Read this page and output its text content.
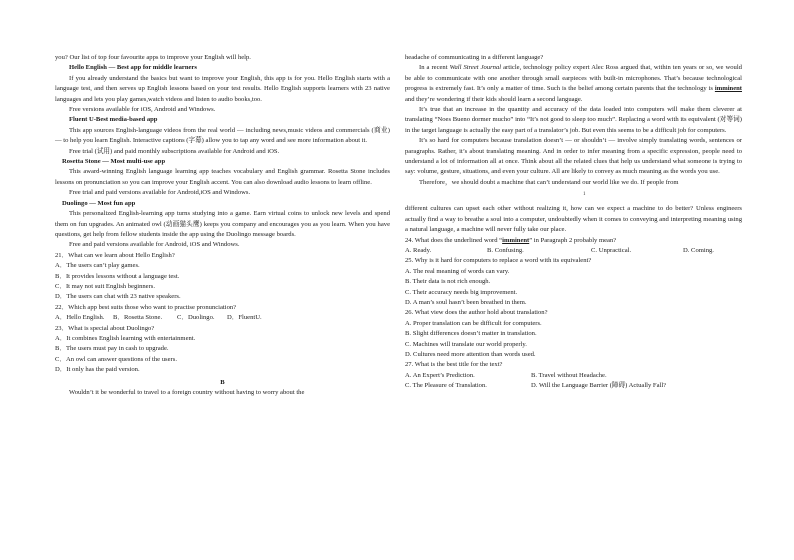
you? Our list of top four favourite apps to improve your English will help.

Hello English — Best app for middle learners

If you already understand the basics but want to improve your English, this app is for you. Hello English starts with a language test, and then serves up English lessons based on your test results. Hello English supports learners with 23 native languages and lets you play games,watch videos and listen to audio books,too.

Free versions available for iOS, Android and Windows.

Fluent U-Best media-based app

This app sources English-language videos from the real world — including news,music videos and commercials (商业) — to help you learn English. Interactive captions (字幕) allow you to tap any word and see more information about it.

Free trial (试用) and paid monthly subscriptions available for Android and iOS.

Rosetta Stone — Most multi-use app

This award-winning English language learning app teaches vocabulary and English grammar. Rosetta Stone includes lessons on pronunciation so you can improve your English accent. You can also download audio lessons to learn offline.

Free trial and paid versions available for Android,iOS and Windows.

Duolingo — Most fun app

This personalized English-learning app turns studying into a game. Earn virtual coins to unlock new levels and spend them on fun upgrades. An animated owl (动画猫头鹰) keeps you company and encourages you as you learn. When you have questions, get help from fellow students inside the app using the Duolingo message boards.

Free and paid versions available for Android, iOS and Windows.

21．What can we learn about Hello English?

A．The users can’t play games.

B．It provides lessons without a language test.

C．It may not suit English beginners.

D．The users can chat with 23 native speakers.

22．Which app best suits those who want to practise pronunciation?

A．Hello English.	B．Rosetta Stone.	C．Duolingo.	D．FluentU.

23．What is special about Duolingo?

A．It combines English learning with entertainment.

B．The users must pay in cash to upgrade.

C．An owl can answer questions of the users.

D．It only has the paid version.

B

Wouldn’t it be wonderful to travel to a foreign country without having to worry about the

headache of communicating in a different language?

In a recent Wall Street Journal article, technology policy expert Alec Ross argued that, within ten years or so, we would be able to communicate with one another through small earpieces with built-in microphones. That’s because technological progress is extremely fast. It’s only a matter of time. Such is the belief among certain parents that the technology is imminent and they’re wondering if their kids should learn a second language.

It’s true that an increase in the quantity and accuracy of the data loaded into computers will make them cleverer at translating “Noes Bueno dormer mucho” into “It’s not good to sleep too much”. Replacing a word with its equivalent (对等词) in the target language is actually the easy part of a translator’s job. But even this seems to be a difficult job for computers.

It’s so hard for computers because translation doesn’t — or shouldn’t — involve simply translating words, sentences or paragraphs. Rather, it’s about translating meaning. And in order to infer meaning from a specific expression, people need to understand a lot of information all at once. Think about all the related clues that help us understand what someone is trying to say: volume, gesture, situations, and even your culture. All are likely to convey as much meaning as the words you use.

Therefore，we should doubt a machine that can’t understand our world like we do. If people from

1

different cultures can upset each other without realizing it, how can we expect a machine to do better? Unless engineers actually find a way to breathe a soul into a computer, undoubtedly when it comes to conveying and interpreting meaning using a natural language, a machine will never fully take our place.

24. What does the underlined word “imminent” in Paragraph 2 probably mean?

A. Ready.	B. Confusing.	C. Unpractical.	D. Coming.

25. Why is it hard for computers to replace a word with its equivalent?

A. The real meaning of words can vary.

B. Their data is not rich enough.

C. Their accuracy needs big improvement.

D. A man’s soul hasn’t been breathed in them.

26. What view does the author hold about translation?

A. Proper translation can be difficult for computers.

B. Slight differences doesn’t matter in translation.

C. Machines will translate our world properly.

D. Cultures need more attention than words used.

27. What is the best title for the text?

A. An Expert’s Prediction.	B. Travel without Headache.
C. The Pleasure of Translation.	D. Will the Language Barrier (障碍) Actually Fall?
